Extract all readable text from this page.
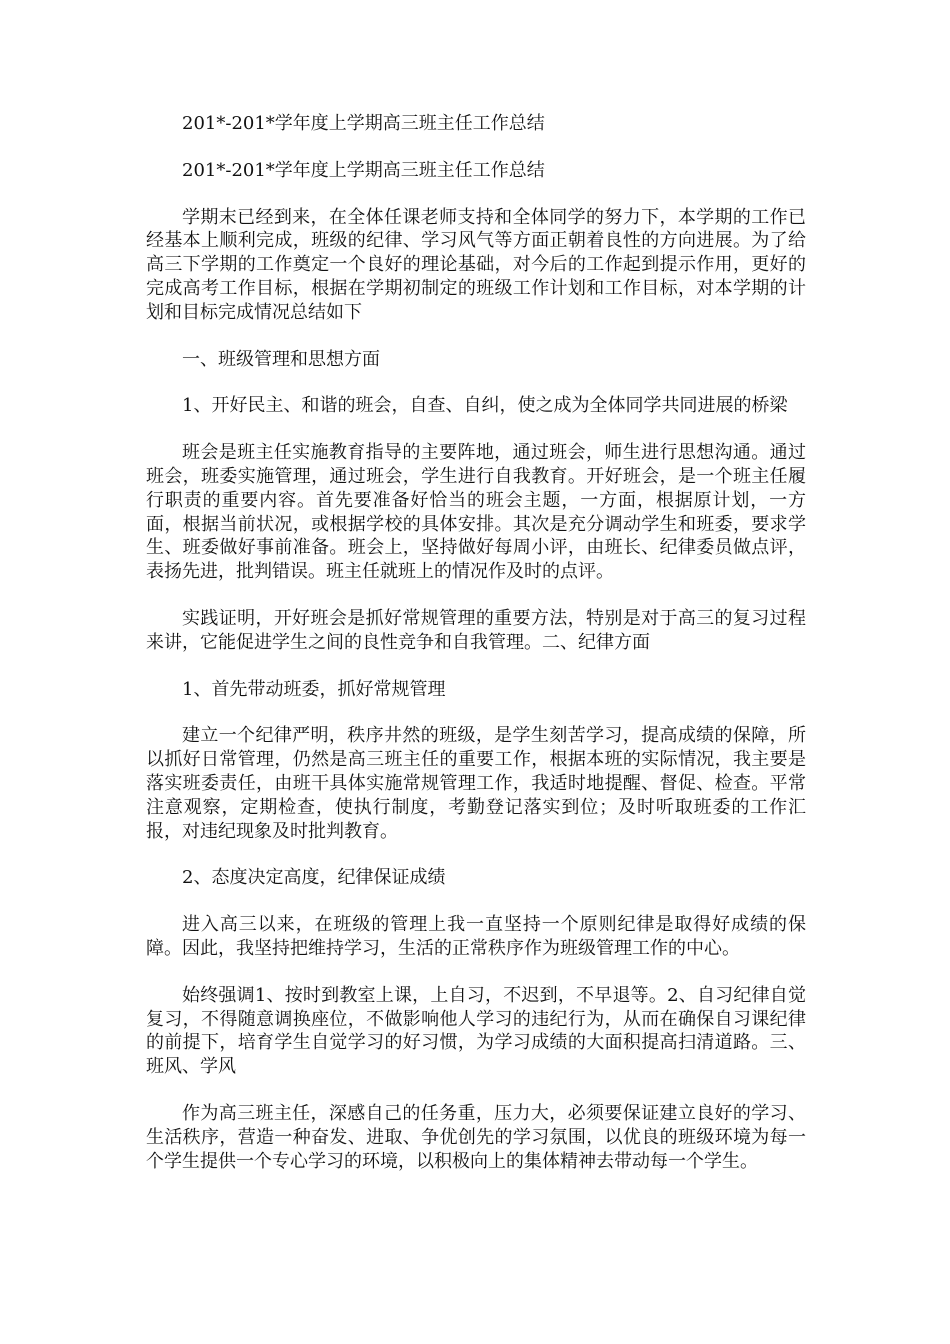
201*-201*学年度上学期高三班主任工作总结

201*-201*学年度上学期高三班主任工作总结

学期末已经到来，在全体任课老师支持和全体同学的努力下，本学期的工作已经基本上顺利完成，班级的纪律、学习风气等方面正朝着良性的方向进展。为了给高三下学期的工作奠定一个良好的理论基础，对今后的工作起到提示作用，更好的完成高考工作目标，根据在学期初制定的班级工作计划和工作目标，对本学期的计划和目标完成情况总结如下

一、班级管理和思想方面

1、开好民主、和谐的班会，自查、自纠，使之成为全体同学共同进展的桥梁

班会是班主任实施教育指导的主要阵地，通过班会，师生进行思想沟通。通过班会，班委实施管理，通过班会，学生进行自我教育。开好班会，是一个班主任履行职责的重要内容。首先要准备好恰当的班会主题，一方面，根据原计划，一方面，根据当前状况，或根据学校的具体安排。其次是充分调动学生和班委，要求学生、班委做好事前准备。班会上，坚持做好每周小评，由班长、纪律委员做点评，表扬先进，批判错误。班主任就班上的情况作及时的点评。

实践证明，开好班会是抓好常规管理的重要方法，特别是对于高三的复习过程来讲，它能促进学生之间的良性竞争和自我管理。二、纪律方面

1、首先带动班委，抓好常规管理

建立一个纪律严明，秩序井然的班级，是学生刻苦学习，提高成绩的保障，所以抓好日常管理，仍然是高三班主任的重要工作，根据本班的实际情况，我主要是落实班委责任，由班干具体实施常规管理工作，我适时地提醒、督促、检查。平常注意观察，定期检查，使执行制度，考勤登记落实到位；及时听取班委的工作汇报，对违纪现象及时批判教育。

2、态度决定高度，纪律保证成绩

进入高三以来，在班级的管理上我一直坚持一个原则纪律是取得好成绩的保障。因此，我坚持把维持学习，生活的正常秩序作为班级管理工作的中心。

始终强调1、按时到教室上课，上自习，不迟到，不早退等。2、自习纪律自觉复习，不得随意调换座位，不做影响他人学习的违纪行为，从而在确保自习课纪律的前提下，培育学生自觉学习的好习惯，为学习成绩的大面积提高扫清道路。三、班风、学风

作为高三班主任，深感自己的任务重，压力大，必须要保证建立良好的学习、生活秩序，营造一种奋发、进取、争优创先的学习氛围，以优良的班级环境为每一个学生提供一个专心学习的环境，以积极向上的集体精神去带动每一个学生。
